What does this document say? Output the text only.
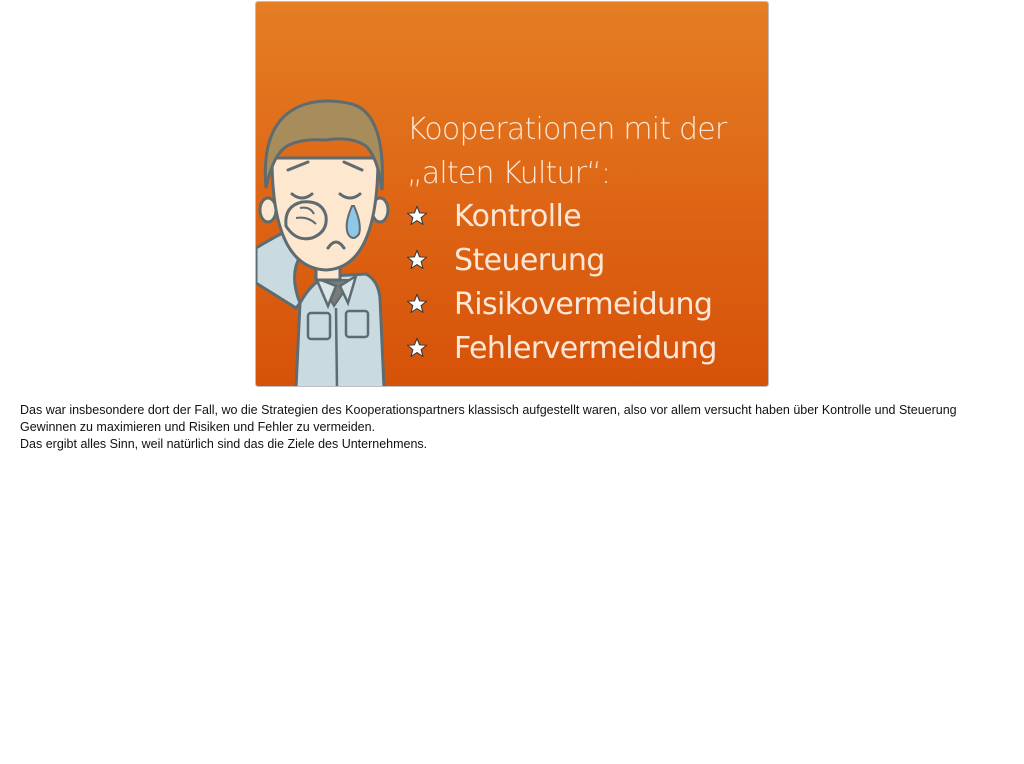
Kooperationen mit der
„alten Kultur“:
Kontrolle
Steuerung
Risikovermeidung
Fehlervermeidung

Das war insbesondere dort der Fall, wo die Strategien des Kooperationspartners klassisch aufgestellt waren, also vor allem versucht haben über Kontrolle und Steuerung Gewinnen zu maximieren und Risiken und Fehler zu vermeiden.

Das ergibt alles Sinn, weil natürlich sind das die Ziele des Unternehmens.
